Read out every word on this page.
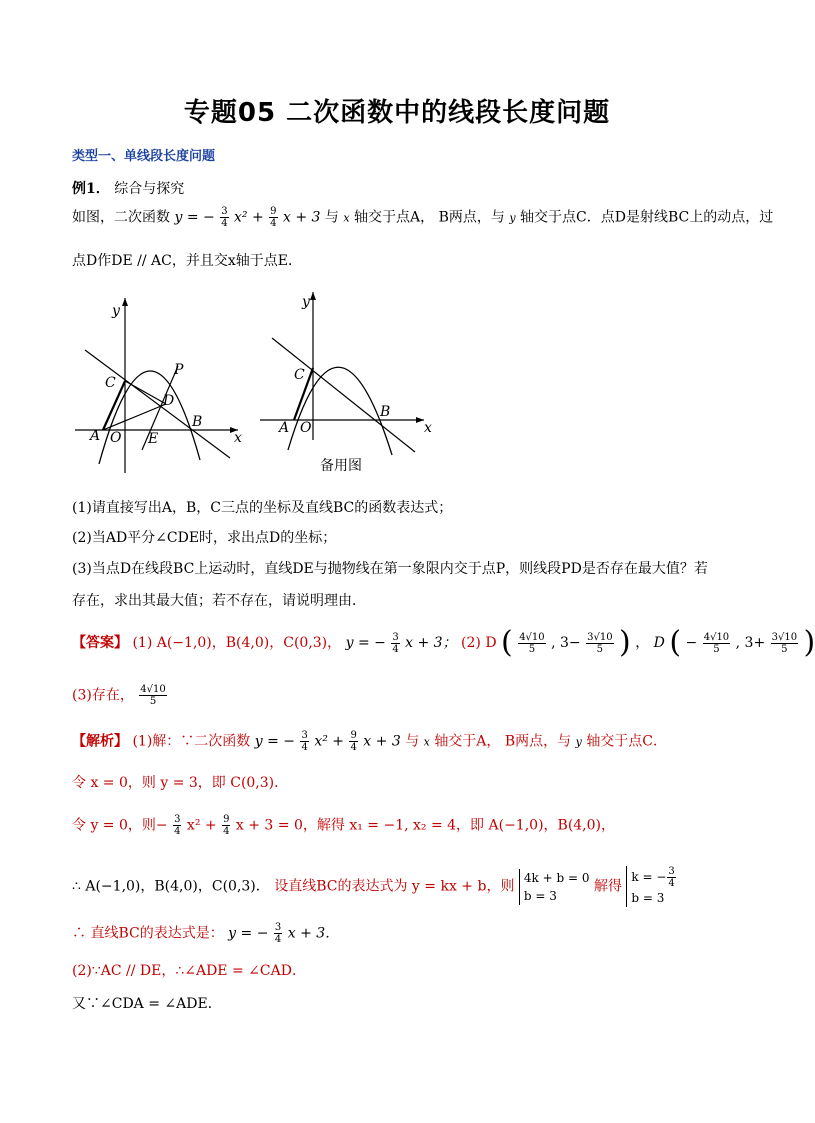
专题05 二次函数中的线段长度问题
类型一、单线段长度问题
例1． 综合与探究
如图，二次函数 y = − $\frac{3}{4} x^2 + \frac{9}{4}$ x + 3 与 x 轴交于点A， B两点，与 y 轴交于点C．点D是射线BC上的动点，过
点D作DE // AC，并且交x轴于点E．
y
C
P
D
B
A O E	x
y
C
B
A O	x
备用图
(1)请直接写出A，B，C三点的坐标及直线BC的函数表达式；
(2)当AD平分∠CDE时，求出点D的坐标；
(3)当点D在线段BC上运动时，直线DE与抛物线在第一象限内交于点P，则线段PD是否存在最大值？若
存在，求出其最大值；若不存在，请说明理由．
【答案】 (1) A(−1,0)，B(4,0)，C(0,3)， y = − $\frac{3}{4}$ x + 3； (2) D ( $\frac{4√10}{5}$ , $3- \frac{3√10}{5}$ ) ， D ( − $\frac{4√10}{5}$ , $3+ \frac{3√10}{5}$ )
(3)存在， $\frac{4√10}{5}$
【解析】 (1)解：∵二次函数 y = − $\frac{3}{4} x^2 + \frac{9}{4}$ x + 3 与 x 轴交于A， B两点，与 y 轴交于点C．
令 x = 0，则 y = 3，即 C(0,3)．
令 y = 0，则− $\frac{3}{4} x^2 + \frac{9}{4}$ x + 3 = 0，解得 x₁ = −1, x₂ = 4，即 A(−1,0)，B(4,0)，
∴ A(−1,0)，B(4,0)，C(0,3)． 设直线BC的表达式为 y = kx + b，则
4k + b = 0
b = 3
解得
k = − $\frac{3}{4}$
b = 3
∴ 直线BC的表达式是： y = − $\frac{3}{4}$ x + 3．
(2)∵AC // DE，∴∠ADE = ∠CAD．
又∵∠CDA = ∠ADE．
